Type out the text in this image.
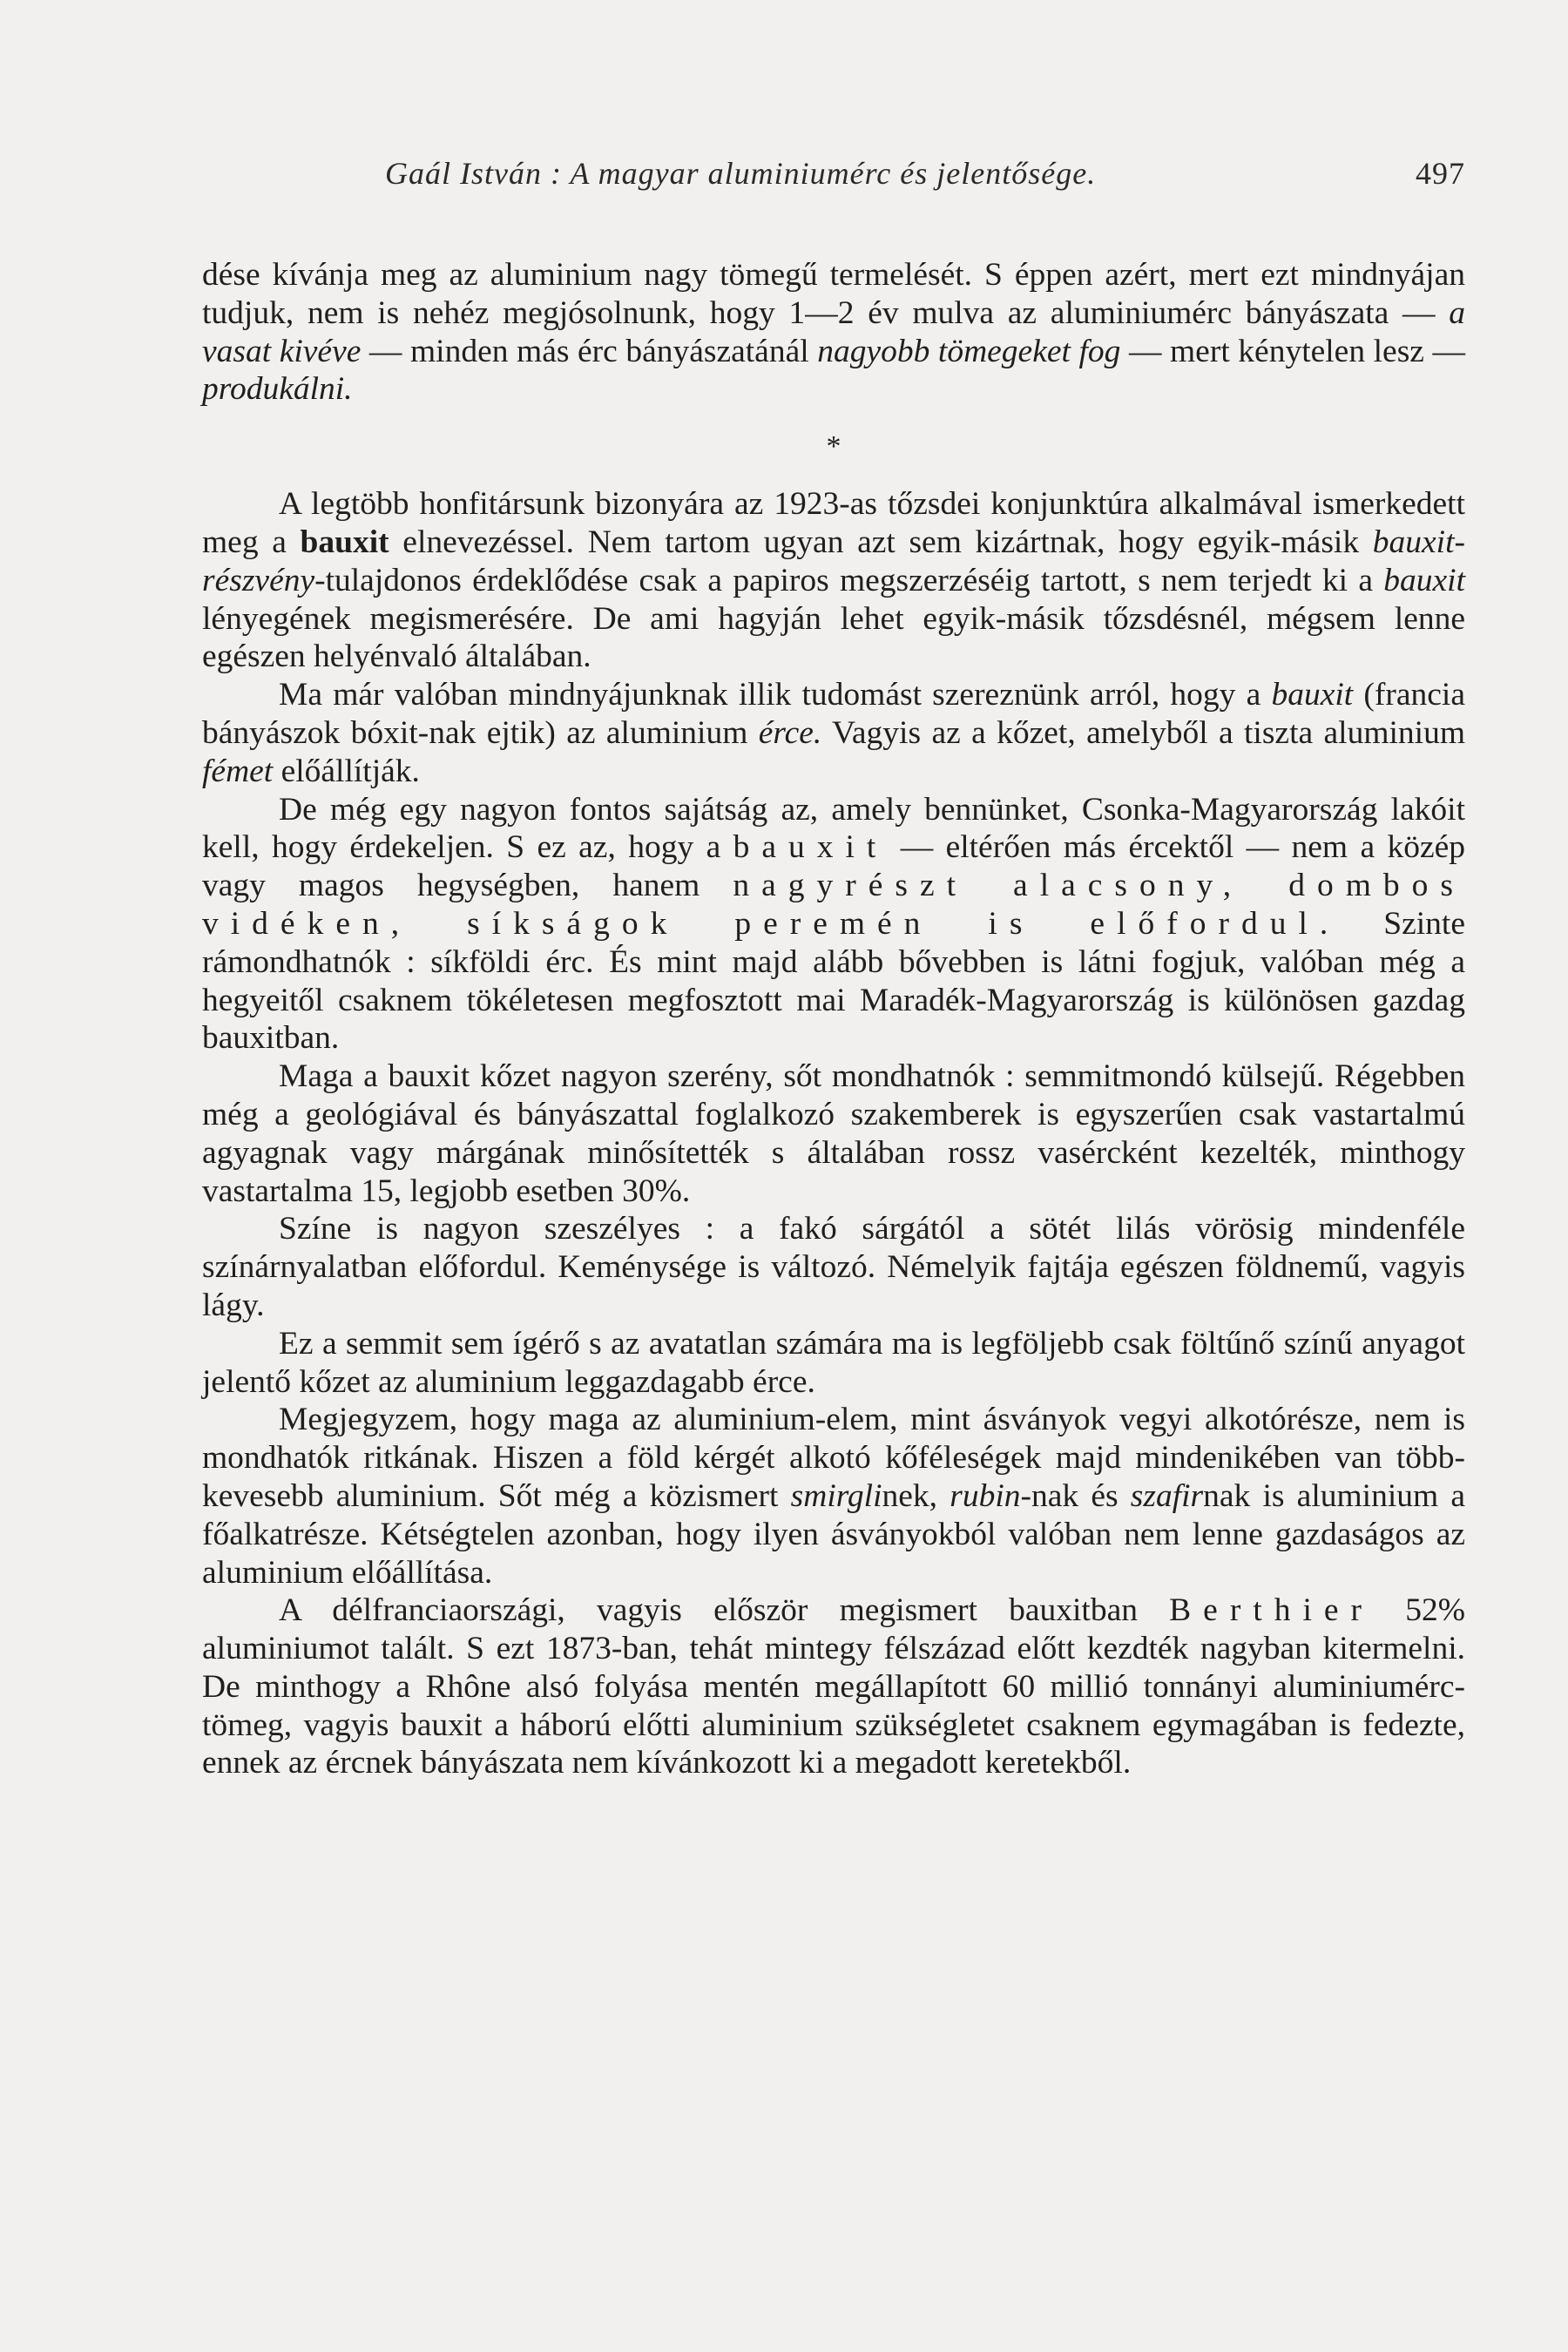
Gaál István : A magyar aluminiumérc és jelentősége.	497

dése kívánja meg az aluminium nagy tömegű termelését. S éppen azért, mert ezt mindnyájan tudjuk, nem is nehéz megjósolnunk, hogy 1—2 év mulva az aluminiumérc bányászata — a vasat kivéve — minden más érc bányászatánál nagyobb tömegeket fog — mert kénytelen lesz — produkálni.

*

A legtöbb honfitársunk bizonyára az 1923-as tőzsdei konjunktúra alkalmával ismerkedett meg a bauxit elnevezéssel. Nem tartom ugyan azt sem kizártnak, hogy egyik-másik bauxit-részvény-tulajdonos érdeklődése csak a papiros megszerzéséig tartott, s nem terjedt ki a bauxit lényegének megismerésére. De ami hagyján lehet egyik-másik tőzsdésnél, mégsem lenne egészen helyénvaló általában.

Ma már valóban mindnyájunknak illik tudomást szereznünk arról, hogy a bauxit (francia bányászok bóxit-nak ejtik) az aluminium érce. Vagyis az a kőzet, amelyből a tiszta aluminium fémet előállítják.

De még egy nagyon fontos sajátság az, amely bennünket, Csonka-Magyarország lakóit kell, hogy érdekeljen. S ez az, hogy a bauxit — eltérően más ércektől — nem a közép vagy magos hegységben, hanem nagyrészt alacsony, dombos vidéken, síkságok peremén is előfordul. Szinte rámondhatnók : síkföldi érc. És mint majd alább bővebben is látni fogjuk, valóban még a hegyeitől csaknem tökéletesen megfosztott mai Maradék-Magyarország is különösen gazdag bauxitban.

Maga a bauxit kőzet nagyon szerény, sőt mondhatnók : semmitmondó külsejű. Régebben még a geológiával és bányászattal foglalkozó szakemberek is egyszerűen csak vastartalmú agyagnak vagy márgának minősítették s általában rossz vasércként kezelték, minthogy vastartalma 15, legjobb esetben 30%.

Színe is nagyon szeszélyes : a fakó sárgától a sötét lilás vörösig mindenféle színárnyalatban előfordul. Keménysége is változó. Némelyik fajtája egészen földnemű, vagyis lágy.

Ez a semmit sem ígérő s az avatatlan számára ma is legföljebb csak föltűnő színű anyagot jelentő kőzet az aluminium leggazdagabb érce.

Megjegyzem, hogy maga az aluminium-elem, mint ásványok vegyi alkotórésze, nem is mondhatók ritkának. Hiszen a föld kérgét alkotó kőféleségek majd mindenikében van több-kevesebb aluminium. Sőt még a közismert smirglinek, rubin-nak és szafirnak is aluminium a főalkatrésze. Kétségtelen azonban, hogy ilyen ásványokból valóban nem lenne gazdaságos az aluminium előállítása.

A délfranciaországi, vagyis először megismert bauxitban Berthier 52% aluminiumot talált. S ezt 1873-ban, tehát mintegy félszázad előtt kezdték nagyban kitermelni. De minthogy a Rhône alsó folyása mentén megállapított 60 millió tonnányi aluminiumérc-tömeg, vagyis bauxit a háború előtti aluminium szükségletet csaknem egymagában is fedezte, ennek az ércnek bányászata nem kívánkozott ki a megadott keretekből.
